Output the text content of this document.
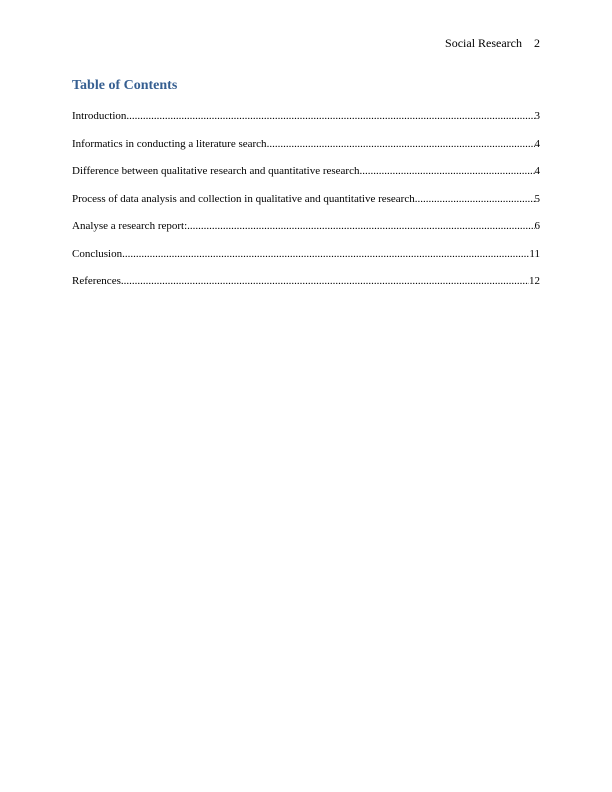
Social Research 2
Table of Contents
Introduction .....	3
Informatics in conducting a literature search .....	4
Difference between qualitative research and quantitative research .....	4
Process of data analysis and collection in qualitative and quantitative research .....	5
Analyse a research report: .....	6
Conclusion .....	11
References .....	12
